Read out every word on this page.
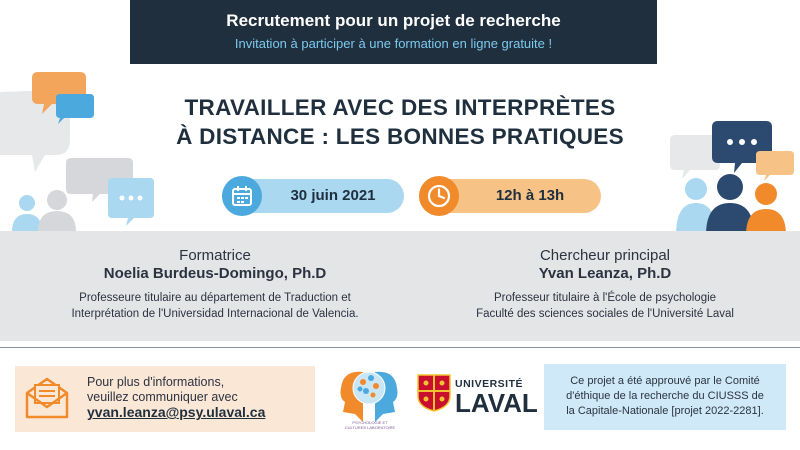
Recrutement pour un projet de recherche
Invitation à participer à une formation en ligne gratuite !
TRAVAILLER AVEC DES INTERPRÈTES
À DISTANCE : LES BONNES PRATIQUES
30 juin 2021	12h à 13h
Formatrice
Noelia Burdeus-Domingo, Ph.D
Professeure titulaire au département de Traduction et
Interprétation de l'Universidad Internacional de Valencia.
Chercheur principal
Yvan Leanza, Ph.D
Professeur titulaire à l'École de psychologie
Faculté des sciences sociales de l'Université Laval
Pour plus d'informations,
veuillez communiquer avec
yvan.leanza@psy.ulaval.ca
PSYCHOLOGIE ET CULTURES LABORATOIRE
UNIVERSITÉ
LAVAL
Ce projet a été approuvé par le Comité
d'éthique de la recherche du CIUSSS de
la Capitale-Nationale [projet 2022-2281].
